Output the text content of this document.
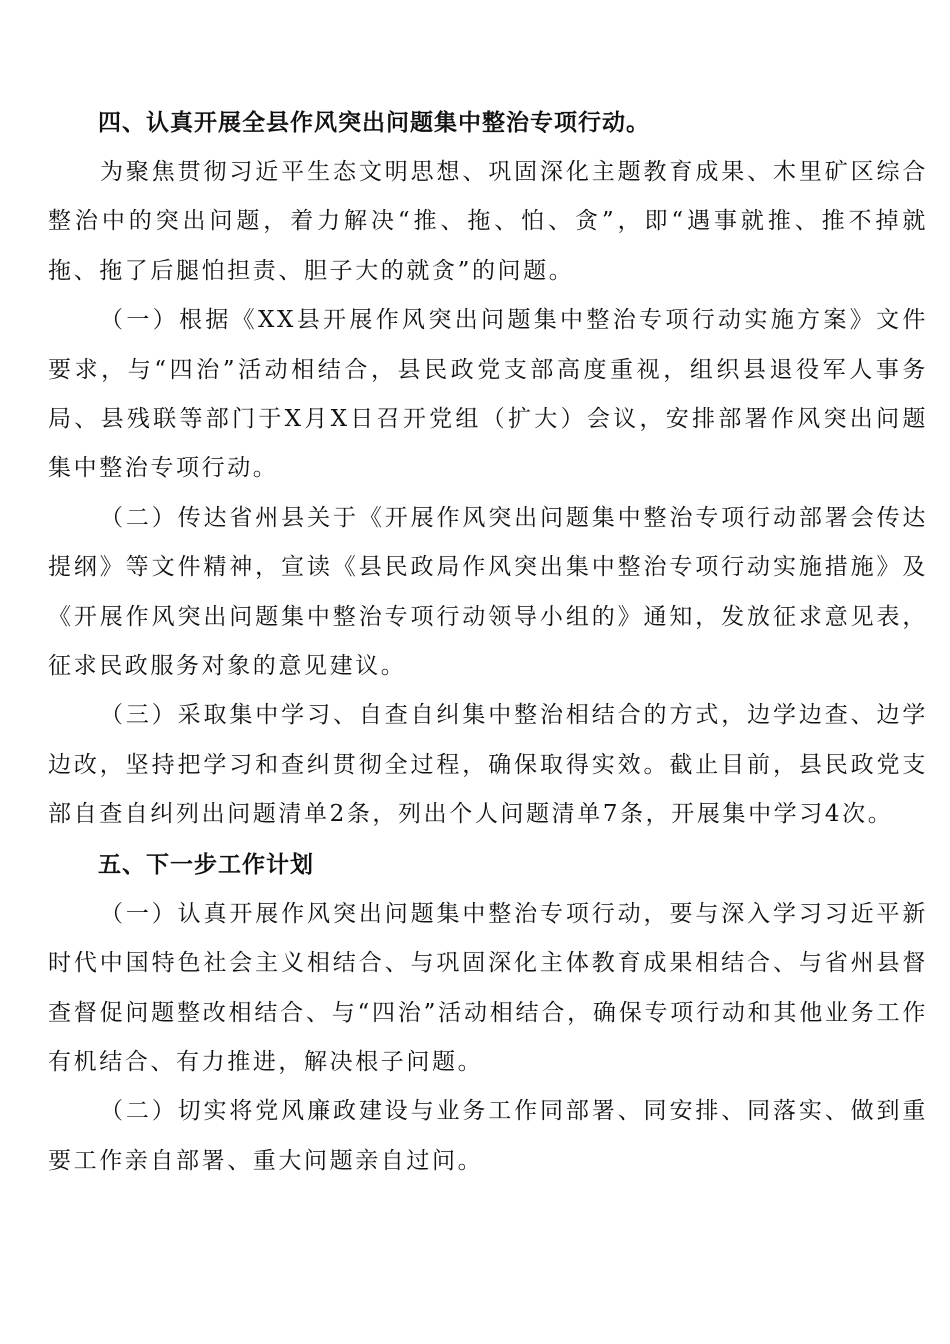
四、认真开展全县作风突出问题集中整治专项行动。

为聚焦贯彻习近平生态文明思想、巩固深化主题教育成果、木里矿区综合整治中的突出问题，着力解决“推、拖、怕、贪”，即“遇事就推、推不掉就拖、拖了后腿怕担责、胆子大的就贪”的问题。

（一）根据《XX县开展作风突出问题集中整治专项行动实施方案》文件要求，与“四治”活动相结合，县民政党支部高度重视，组织县退役军人事务局、县残联等部门于X月X日召开党组（扩大）会议，安排部署作风突出问题集中整治专项行动。

（二）传达省州县关于《开展作风突出问题集中整治专项行动部署会传达提纲》等文件精神，宣读《县民政局作风突出集中整治专项行动实施措施》及《开展作风突出问题集中整治专项行动领导小组的》通知，发放征求意见表，征求民政服务对象的意见建议。

（三）采取集中学习、自查自纠集中整治相结合的方式，边学边查、边学边改，坚持把学习和查纠贯彻全过程，确保取得实效。截止目前，县民政党支部自查自纠列出问题清单2条，列出个人问题清单7条，开展集中学习4次。

五、下一步工作计划

（一）认真开展作风突出问题集中整治专项行动，要与深入学习习近平新时代中国特色社会主义相结合、与巩固深化主体教育成果相结合、与省州县督查督促问题整改相结合、与“四治”活动相结合，确保专项行动和其他业务工作有机结合、有力推进，解决根子问题。

（二）切实将党风廉政建设与业务工作同部署、同安排、同落实、做到重要工作亲自部署、重大问题亲自过问。
